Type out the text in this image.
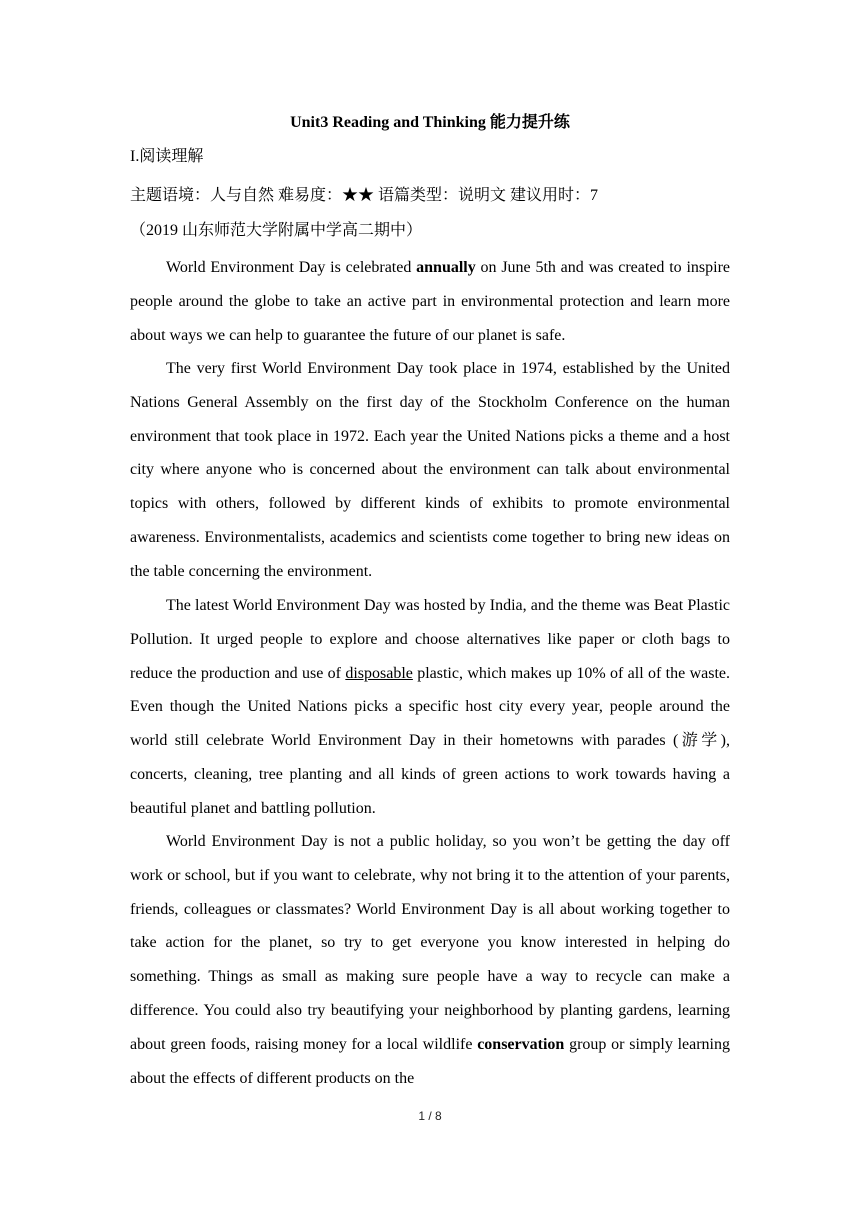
Unit3 Reading and Thinking 能力提升练
I.阅读理解
主题语境：人与自然 难易度：★★ 语篇类型：说明文 建议用时：7
（2019 山东师范大学附属中学高二期中）

World Environment Day is celebrated annually on June 5th and was created to inspire people around the globe to take an active part in environmental protection and learn more about ways we can help to guarantee the future of our planet is safe.

The very first World Environment Day took place in 1974, established by the United Nations General Assembly on the first day of the Stockholm Conference on the human environment that took place in 1972. Each year the United Nations picks a theme and a host city where anyone who is concerned about the environment can talk about environmental topics with others, followed by different kinds of exhibits to promote environmental awareness. Environmentalists, academics and scientists come together to bring new ideas on the table concerning the environment.

The latest World Environment Day was hosted by India, and the theme was Beat Plastic Pollution. It urged people to explore and choose alternatives like paper or cloth bags to reduce the production and use of disposable plastic, which makes up 10% of all of the waste. Even though the United Nations picks a specific host city every year, people around the world still celebrate World Environment Day in their hometowns with parades (游学), concerts, cleaning, tree planting and all kinds of green actions to work towards having a beautiful planet and battling pollution.

World Environment Day is not a public holiday, so you won’t be getting the day off work or school, but if you want to celebrate, why not bring it to the attention of your parents, friends, colleagues or classmates? World Environment Day is all about working together to take action for the planet, so try to get everyone you know interested in helping do something. Things as small as making sure people have a way to recycle can make a difference. You could also try beautifying your neighborhood by planting gardens, learning about green foods, raising money for a local wildlife conservation group or simply learning about the effects of different products on the

1 / 8
